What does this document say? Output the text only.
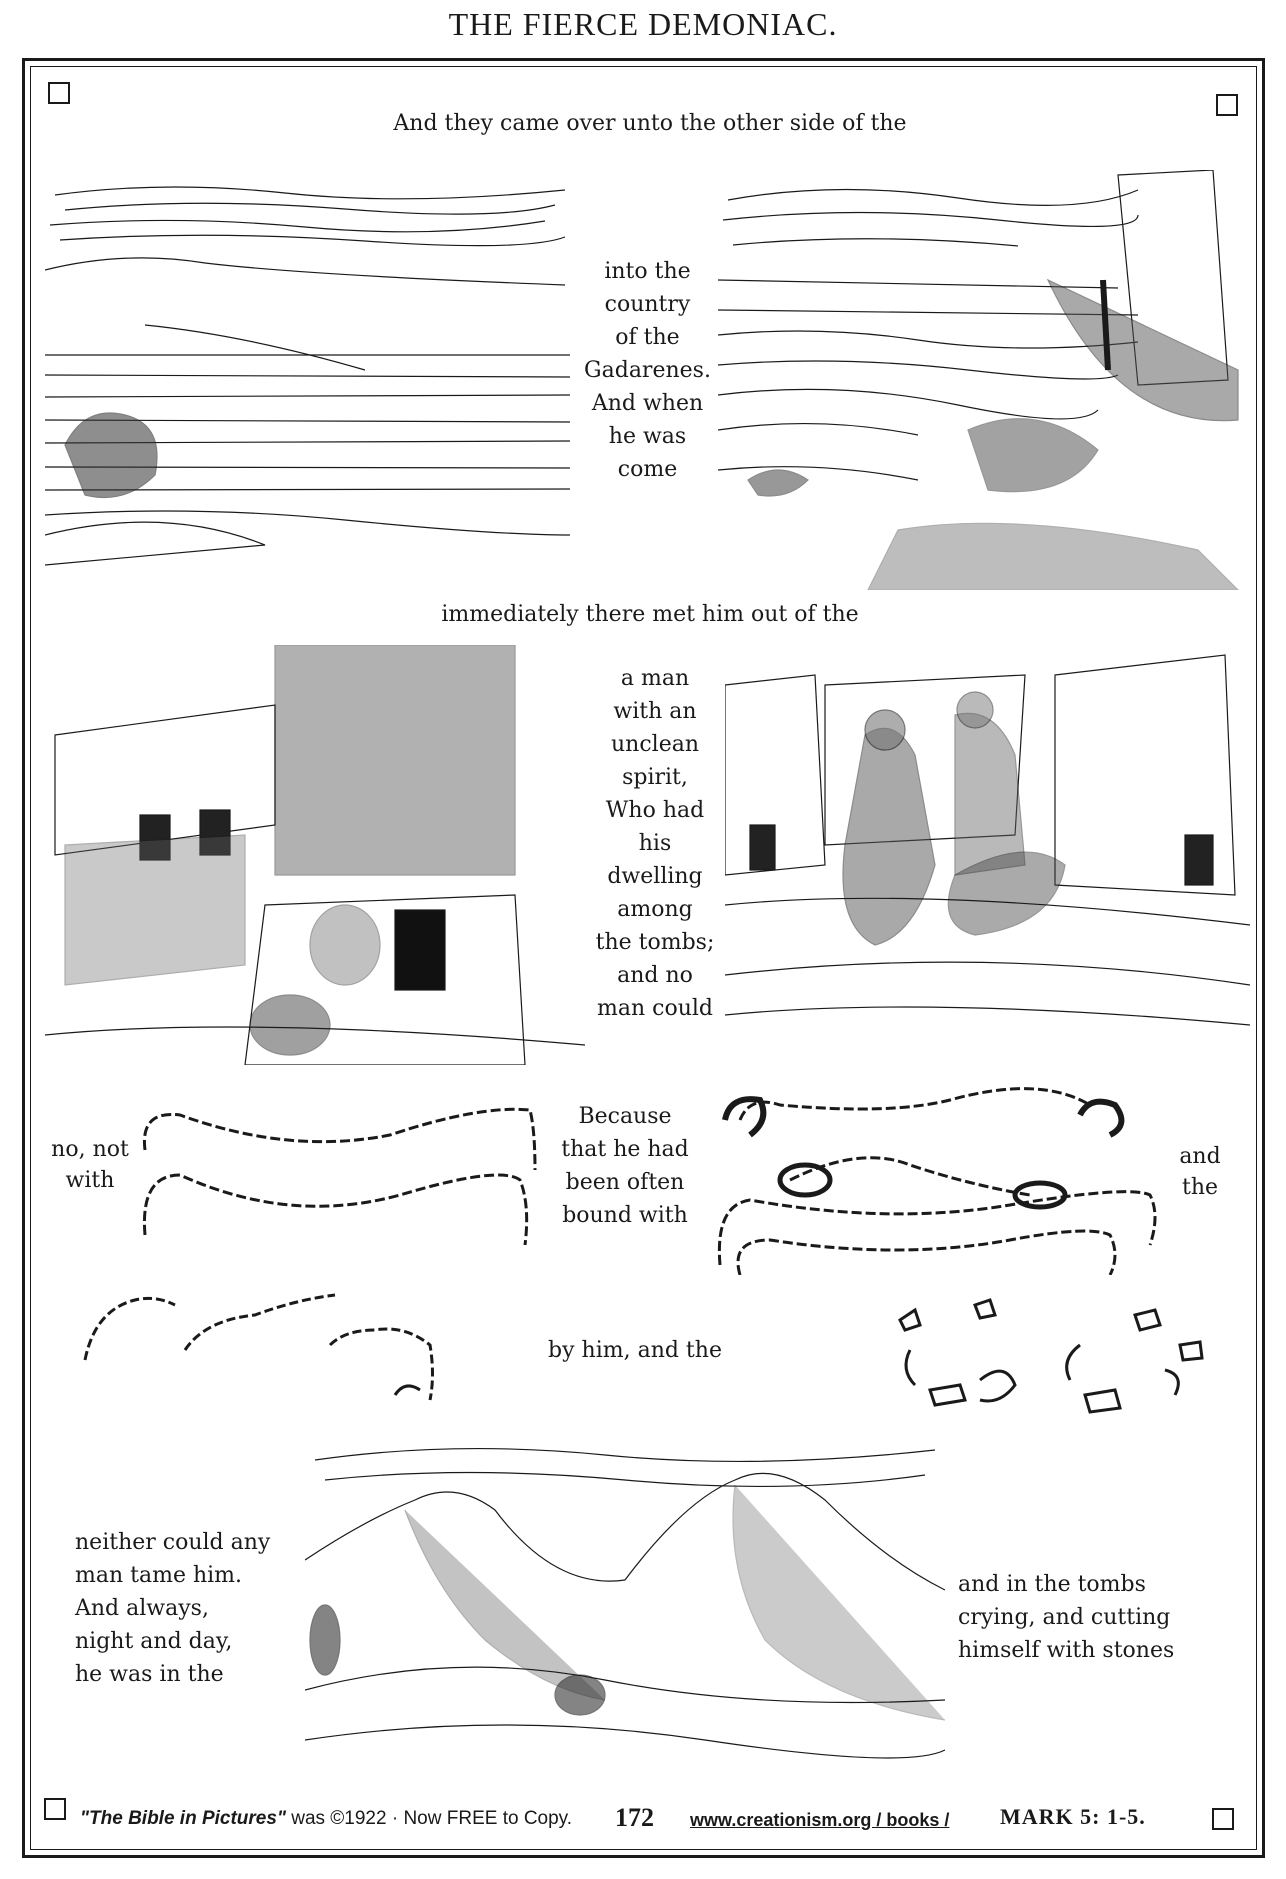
THE FIERCE DEMONIAC.
And they came over unto the other side of the
into the
country
of the
Gadarenes.
And when
he was
come
immediately there met him out of the
a man
with an
unclean
spirit,
Who had
his
dwelling
among
the tombs;
and no
man could
no, not
with
Because
that he had
been often
bound with
and
the
by him, and the
neither could any
man tame him.
And always,
night and day,
he was in the
and in the tombs
crying, and cutting
himself with stones
"The Bible in Pictures" was ©1922 · Now FREE to Copy. 172 www.creationism.org / books / MARK 5: 1-5.
